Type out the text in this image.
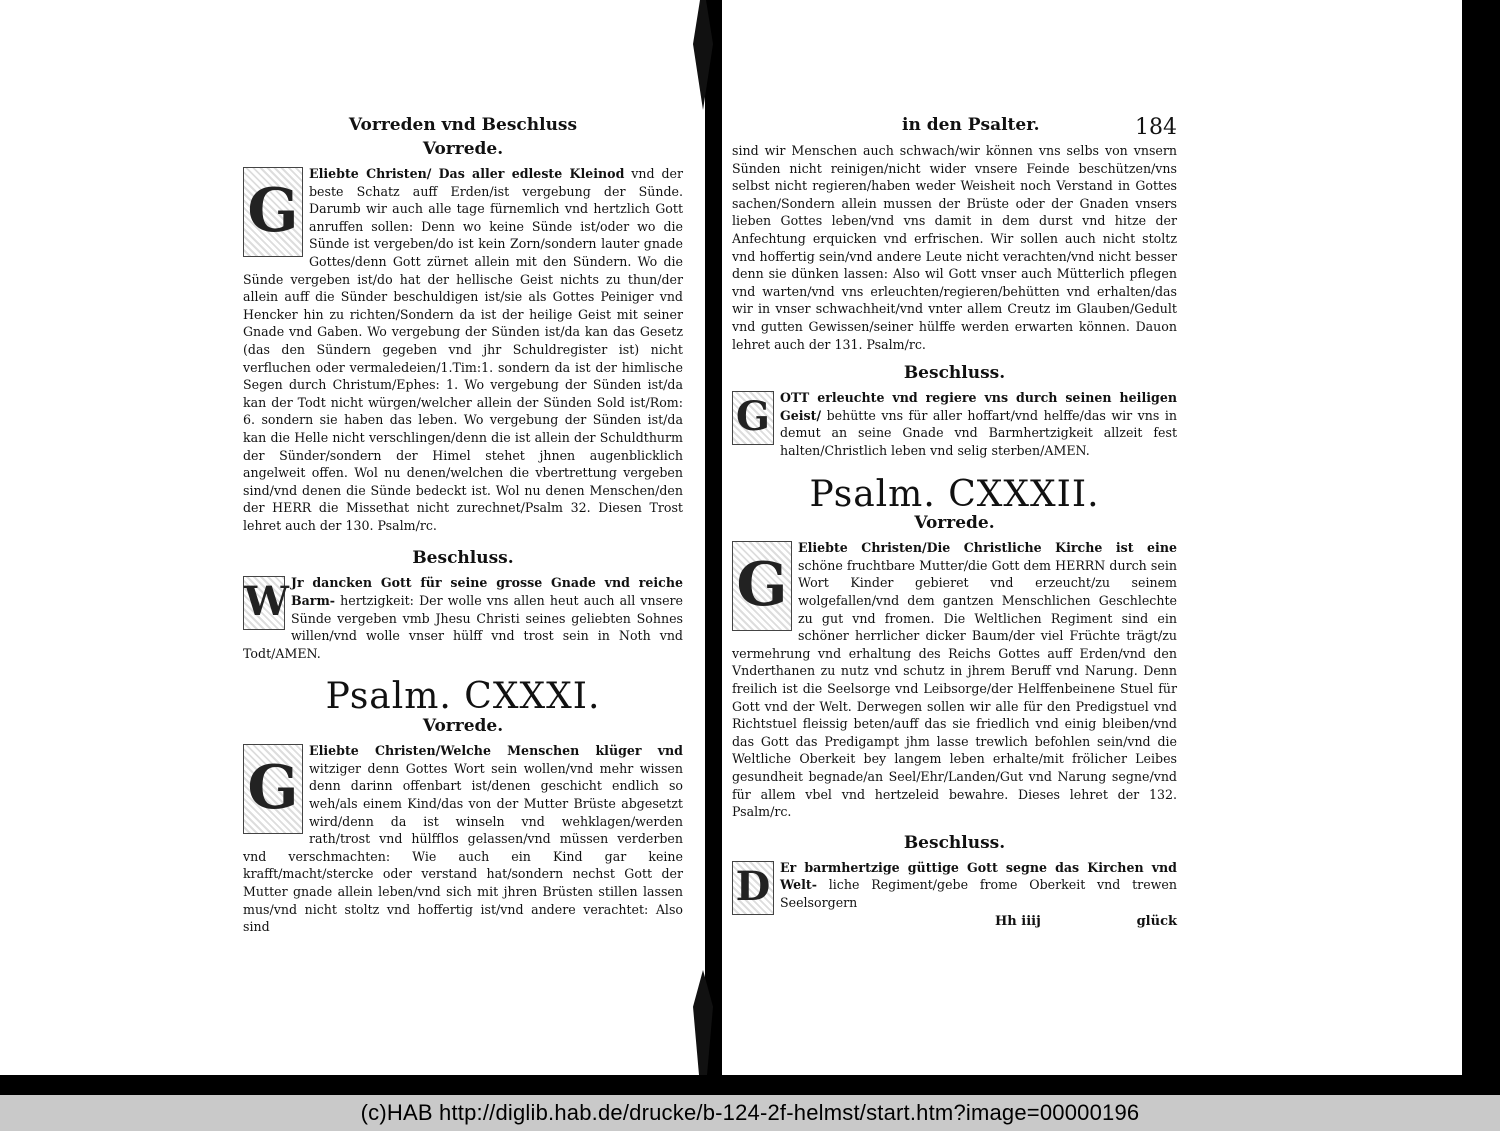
Vorreden vnd Beschluss
Vorrede.

G
Eliebte Christen/ Das aller edleste Kleinod vnd der beste Schatz auff Erden/ist vergebung der Sünde. Darumb wir auch alle tage fürnemlich vnd hertzlich Gott anruffen sollen: Denn wo keine Sünde ist/oder wo die Sünde ist vergeben/do ist kein Zorn/sondern lauter gnade Gottes/denn Gott zürnet allein mit den Sündern. Wo die Sünde vergeben ist/do hat der hellische Geist nichts zu thun/der allein auff die Sünder beschuldigen ist/sie als Gottes Peiniger vnd Hencker hin zu richten/Sondern da ist der heilige Geist mit seiner Gnade vnd Gaben. Wo vergebung der Sünden ist/da kan das Gesetz (das den Sündern gegeben vnd jhr Schuldregister ist) nicht verfluchen oder vermaledeien/1.Tim:1. sondern da ist der himlische Segen durch Christum/Ephes: 1. Wo vergebung der Sünden ist/da kan der Todt nicht würgen/welcher allein der Sünden Sold ist/Rom: 6. sondern sie haben das leben. Wo vergebung der Sünden ist/da kan die Helle nicht verschlingen/denn die ist allein der Schuldthurm der Sünder/sondern der Himel stehet jhnen augenblicklich angelweit offen. Wol nu denen/welchen die vbertrettung vergeben sind/vnd denen die Sünde bedeckt ist. Wol nu denen Menschen/den der HERR die Missethat nicht zurechnet/Psalm 32. Diesen Trost lehret auch der 130. Psalm/rc.

Beschluss.

W Jr dancken Gott für seine grosse Gnade vnd reiche Barm- hertzigkeit: Der wolle vns allen heut auch all vnsere Sünde vergeben vmb Jhesu Christi seines geliebten Sohnes willen/vnd wolle vnser hülff vnd trost sein in Noth vnd Todt/AMEN.

Psalm. CXXXI.
Vorrede.

G
Eliebte Christen/Welche Menschen klüger vnd witziger denn Gottes Wort sein wollen/vnd mehr wissen denn darinn offenbart ist/denen geschicht endlich so weh/als einem Kind/das von der Mutter Brüste abgesetzt wird/denn da ist winseln vnd wehklagen/werden rath/trost vnd hülfflos gelassen/vnd müssen verderben vnd verschmachten: Wie auch ein Kind gar keine krafft/macht/stercke oder verstand hat/sondern nechst Gott der Mutter gnade allein leben/vnd sich mit jhren Brüsten stillen lassen mus/vnd nicht stoltz vnd hoffertig ist/vnd andere verachtet: Also sind

in den Psalter.	184

sind wir Menschen auch schwach/wir können vns selbs von vnsern Sünden nicht reinigen/nicht wider vnsere Feinde beschützen/vns selbst nicht regieren/haben weder Weisheit noch Verstand in Gottes sachen/Sondern allein mussen der Brüste oder der Gnaden vnsers lieben Gottes leben/vnd vns damit in dem durst vnd hitze der Anfechtung erquicken vnd erfrischen. Wir sollen auch nicht stoltz vnd hoffertig sein/vnd andere Leute nicht verachten/vnd nicht besser denn sie dünken lassen: Also wil Gott vnser auch Mütterlich pflegen vnd warten/vnd vns erleuchten/regieren/behütten vnd erhalten/das wir in vnser schwachheit/vnd vnter allem Creutz im Glauben/Gedult vnd gutten Gewissen/seiner hülffe werden erwarten können. Dauon lehret auch der 131. Psalm/rc.

Beschluss.

G OTT erleuchte vnd regiere vns durch seinen heiligen Geist/ behütte vns für aller hoffart/vnd helffe/das wir vns in demut an seine Gnade vnd Barmhertzigkeit allzeit fest halten/Christlich leben vnd selig sterben/AMEN.

Psalm. CXXXII.
Vorrede.

G
Eliebte Christen/Die Christliche Kirche ist eine schöne fruchtbare Mutter/die Gott dem HERRN durch sein Wort Kinder gebieret vnd erzeucht/zu seinem wolgefallen/vnd dem gantzen Menschlichen Geschlechte zu gut vnd fromen. Die Weltlichen Regiment sind ein schöner herrlicher dicker Baum/der viel Früchte trägt/zu vermehrung vnd erhaltung des Reichs Gottes auff Erden/vnd den Vnderthanen zu nutz vnd schutz in jhrem Beruff vnd Narung. Denn freilich ist die Seelsorge vnd Leibsorge/der Helffenbeinene Stuel für Gott vnd der Welt. Derwegen sollen wir alle für den Predigstuel vnd Richtstuel fleissig beten/auff das sie friedlich vnd einig bleiben/vnd das Gott das Predigampt jhm lasse trewlich befohlen sein/vnd die Weltliche Oberkeit bey langem leben erhalte/mit frölicher Leibes gesundheit begnade/an Seel/Ehr/Landen/Gut vnd Narung segne/vnd für allem vbel vnd hertzeleid bewahre. Dieses lehret der 132. Psalm/rc.

Beschluss.

D Er barmhertzige güttige Gott segne das Kirchen vnd Welt- liche Regiment/gebe frome Oberkeit vnd trewen Seelsorgern

Hh iiij	glück
(c)HAB http://diglib.hab.de/drucke/b-124-2f-helmst/start.htm?image=00000196
